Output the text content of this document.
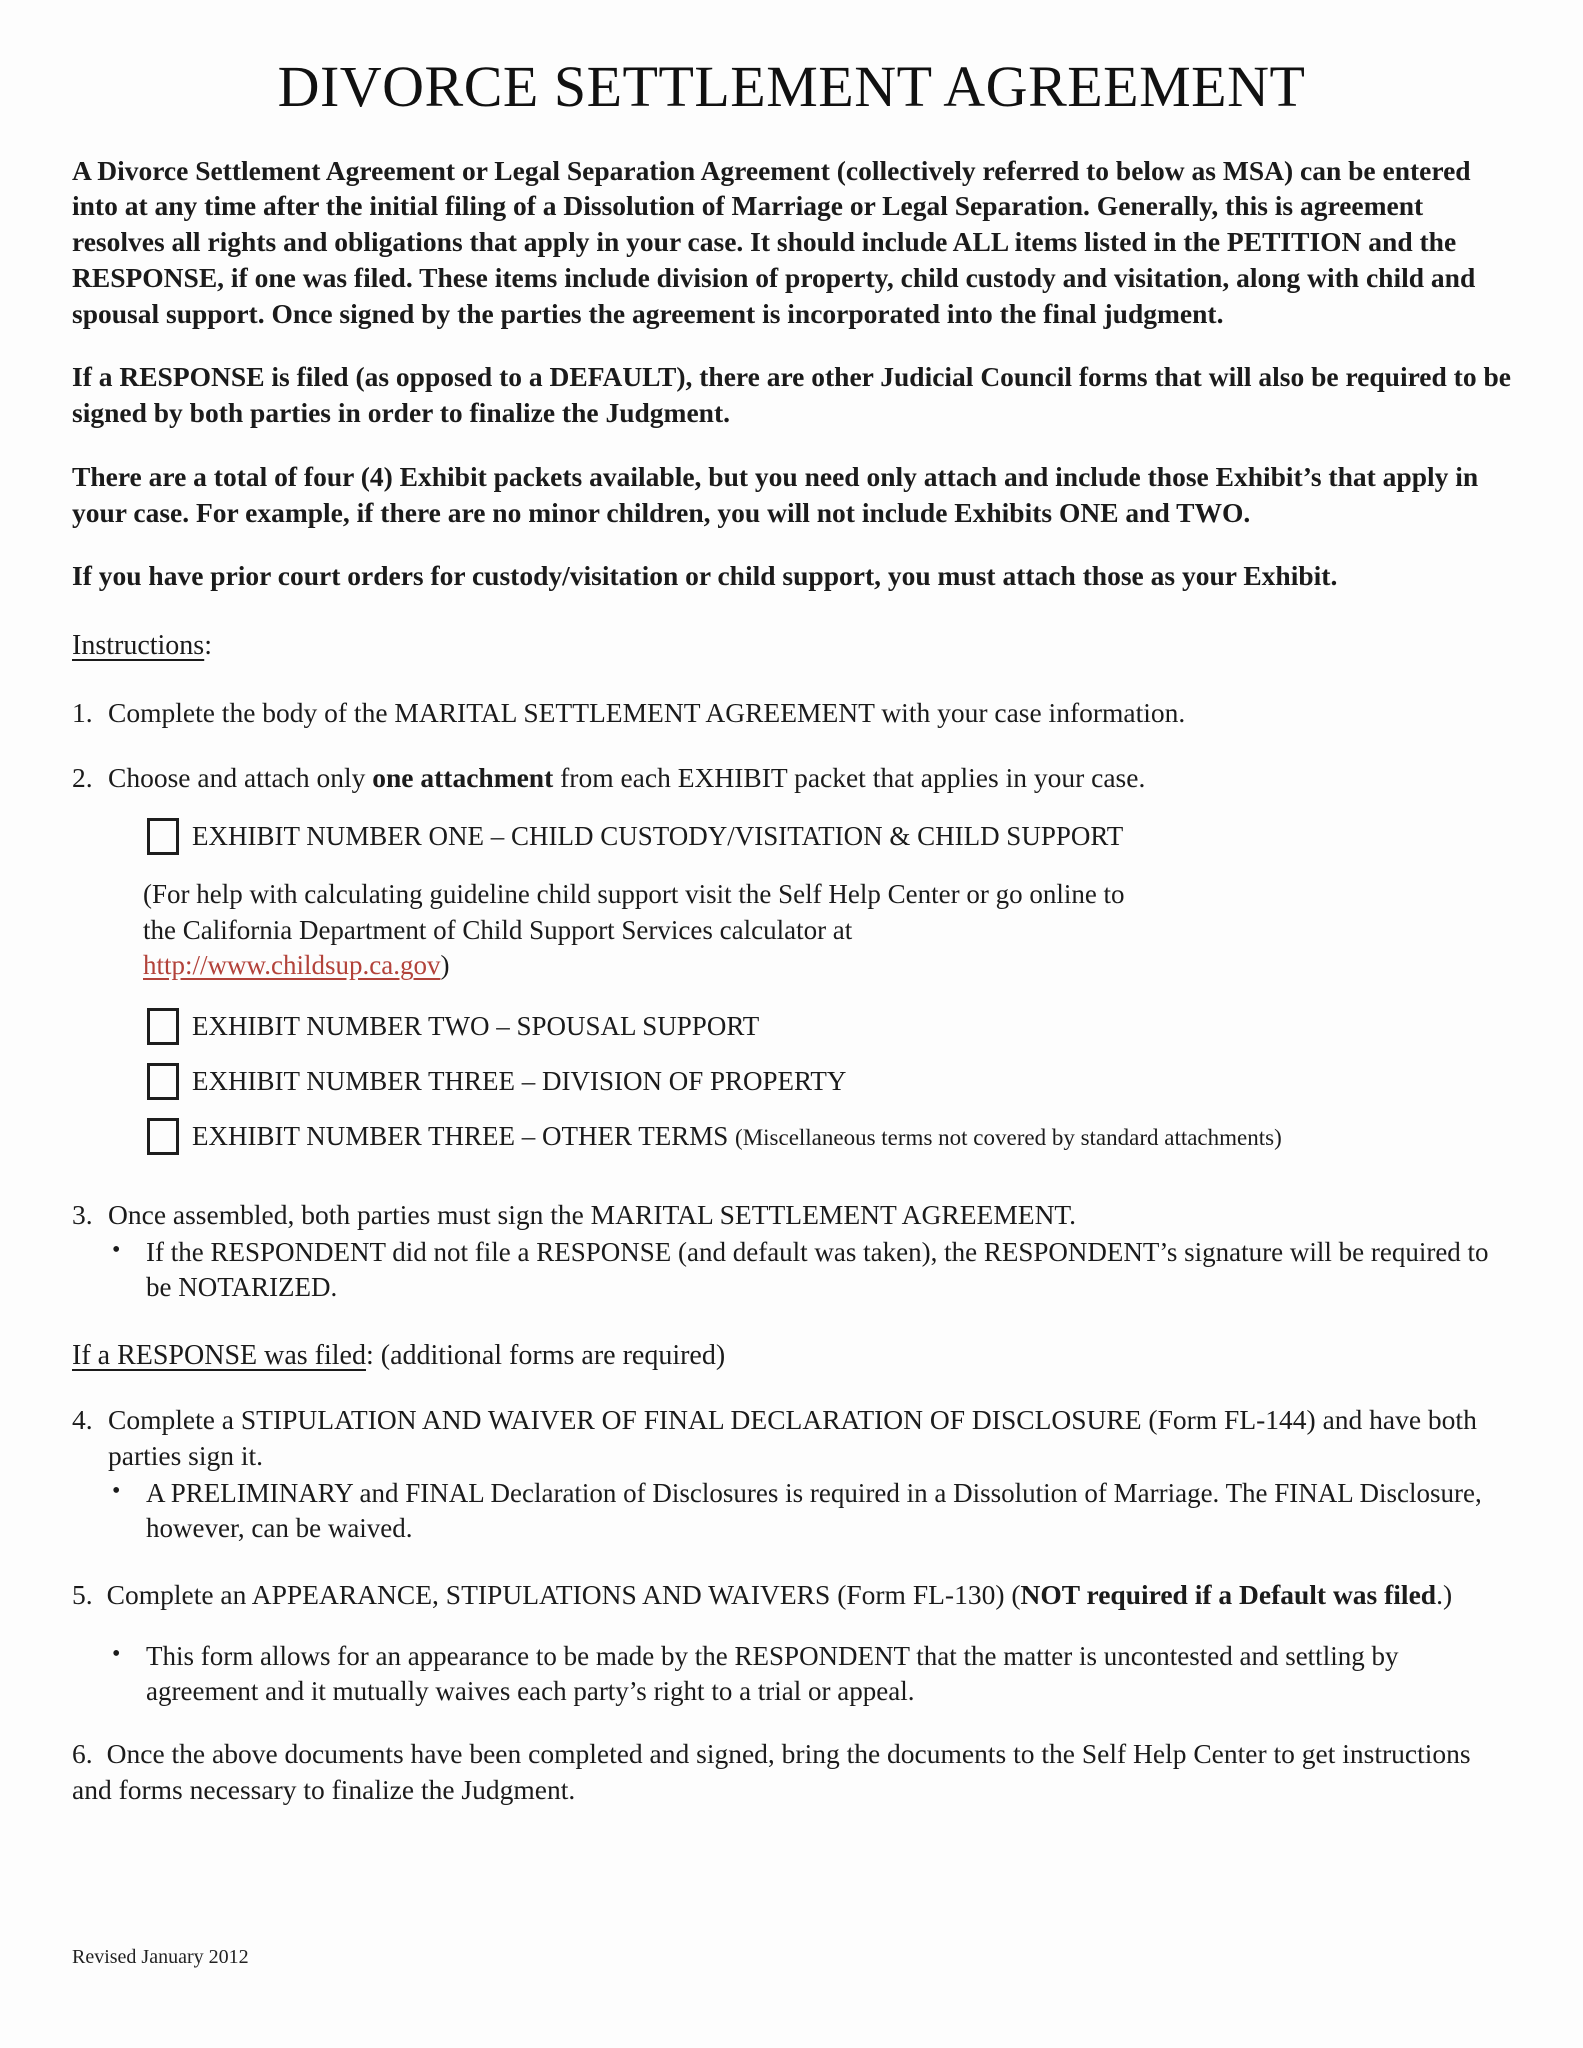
DIVORCE SETTLEMENT AGREEMENT

A Divorce Settlement Agreement or Legal Separation Agreement (collectively referred to below as MSA) can be entered into at any time after the initial filing of a Dissolution of Marriage or Legal Separation. Generally, this is agreement resolves all rights and obligations that apply in your case. It should include ALL items listed in the PETITION and the RESPONSE, if one was filed. These items include division of property, child custody and visitation, along with child and spousal support. Once signed by the parties the agreement is incorporated into the final judgment.

If a RESPONSE is filed (as opposed to a DEFAULT), there are other Judicial Council forms that will also be required to be signed by both parties in order to finalize the Judgment.

There are a total of four (4) Exhibit packets available, but you need only attach and include those Exhibit’s that apply in your case. For example, if there are no minor children, you will not include Exhibits ONE and TWO.

If you have prior court orders for custody/visitation or child support, you must attach those as your Exhibit.

Instructions:
1. Complete the body of the MARITAL SETTLEMENT AGREEMENT with your case information.
2. Choose and attach only one attachment from each EXHIBIT packet that applies in your case.
EXHIBIT NUMBER ONE – CHILD CUSTODY/VISITATION & CHILD SUPPORT

(For help with calculating guideline child support visit the Self Help Center or go online to the California Department of Child Support Services calculator at http://www.childsup.ca.gov)

EXHIBIT NUMBER TWO – SPOUSAL SUPPORT
EXHIBIT NUMBER THREE – DIVISION OF PROPERTY
EXHIBIT NUMBER THREE – OTHER TERMS (Miscellaneous terms not covered by standard attachments)
3. Once assembled, both parties must sign the MARITAL SETTLEMENT AGREEMENT.
• If the RESPONDENT did not file a RESPONSE (and default was taken), the RESPONDENT’s signature will be required to be NOTARIZED.
If a RESPONSE was filed: (additional forms are required)
4. Complete a STIPULATION AND WAIVER OF FINAL DECLARATION OF DISCLOSURE (Form FL-144) and have both parties sign it.
• A PRELIMINARY and FINAL Declaration of Disclosures is required in a Dissolution of Marriage. The FINAL Disclosure, however, can be waived.

5. Complete an APPEARANCE, STIPULATIONS AND WAIVERS (Form FL-130) (NOT required if a Default was filed.)

• This form allows for an appearance to be made by the RESPONDENT that the matter is uncontested and settling by agreement and it mutually waives each party’s right to a trial or appeal.

6. Once the above documents have been completed and signed, bring the documents to the Self Help Center to get instructions and forms necessary to finalize the Judgment.

Revised January 2012
